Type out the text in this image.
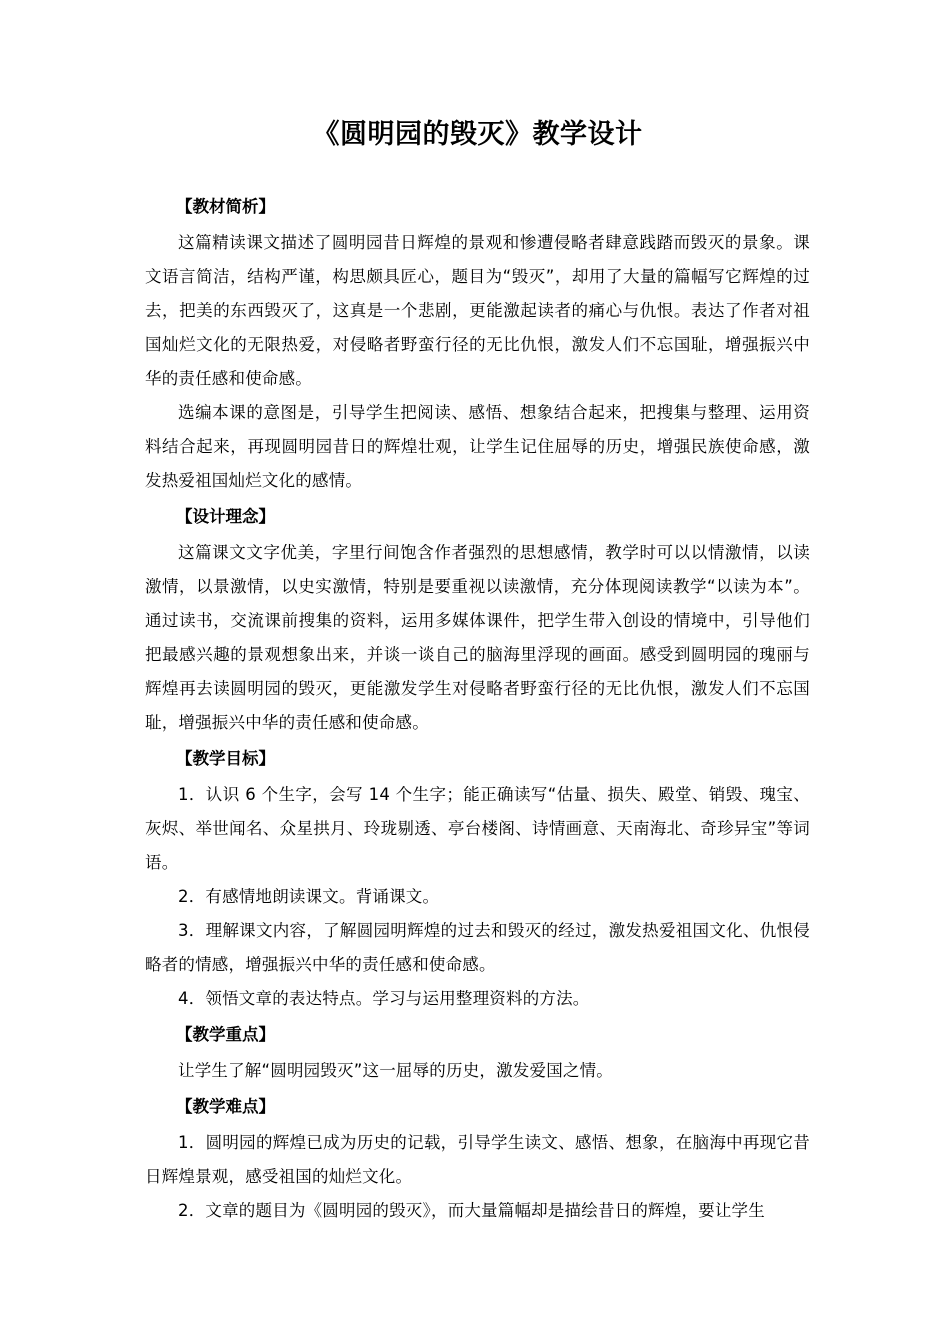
《圆明园的毁灭》教学设计
【教材简析】

这篇精读课文描述了圆明园昔日辉煌的景观和惨遭侵略者肆意践踏而毁灭的景象。课文语言简洁，结构严谨，构思颇具匠心，题目为“毁灭”，却用了大量的篇幅写它辉煌的过去，把美的东西毁灭了，这真是一个悲剧，更能激起读者的痛心与仇恨。表达了作者对祖国灿烂文化的无限热爱，对侵略者野蛮行径的无比仇恨，激发人们不忘国耻，增强振兴中华的责任感和使命感。

选编本课的意图是，引导学生把阅读、感悟、想象结合起来，把搜集与整理、运用资料结合起来，再现圆明园昔日的辉煌壮观，让学生记住屈辱的历史，增强民族使命感，激发热爱祖国灿烂文化的感情。

【设计理念】

这篇课文文字优美，字里行间饱含作者强烈的思想感情，教学时可以以情激情，以读激情，以景激情，以史实激情，特别是要重视以读激情，充分体现阅读教学“以读为本”。通过读书，交流课前搜集的资料，运用多媒体课件，把学生带入创设的情境中，引导他们把最感兴趣的景观想象出来，并谈一谈自己的脑海里浮现的画面。感受到圆明园的瑰丽与辉煌再去读圆明园的毁灭，更能激发学生对侵略者野蛮行径的无比仇恨，激发人们不忘国耻，增强振兴中华的责任感和使命感。

【教学目标】

1．认识 6 个生字，会写 14 个生字；能正确读写“估量、损失、殿堂、销毁、瑰宝、灰烬、举世闻名、众星拱月、玲珑剔透、亭台楼阁、诗情画意、天南海北、奇珍异宝”等词语。

2．有感情地朗读课文。背诵课文。

3．理解课文内容，了解圆园明辉煌的过去和毁灭的经过，激发热爱祖国文化、仇恨侵略者的情感，增强振兴中华的责任感和使命感。

4．领悟文章的表达特点。学习与运用整理资料的方法。

【教学重点】

让学生了解“圆明园毁灭”这一屈辱的历史，激发爱国之情。

【教学难点】

1．圆明园的辉煌已成为历史的记载，引导学生读文、感悟、想象，在脑海中再现它昔日辉煌景观，感受祖国的灿烂文化。

2．文章的题目为《圆明园的毁灭》，而大量篇幅却是描绘昔日的辉煌，要让学生
